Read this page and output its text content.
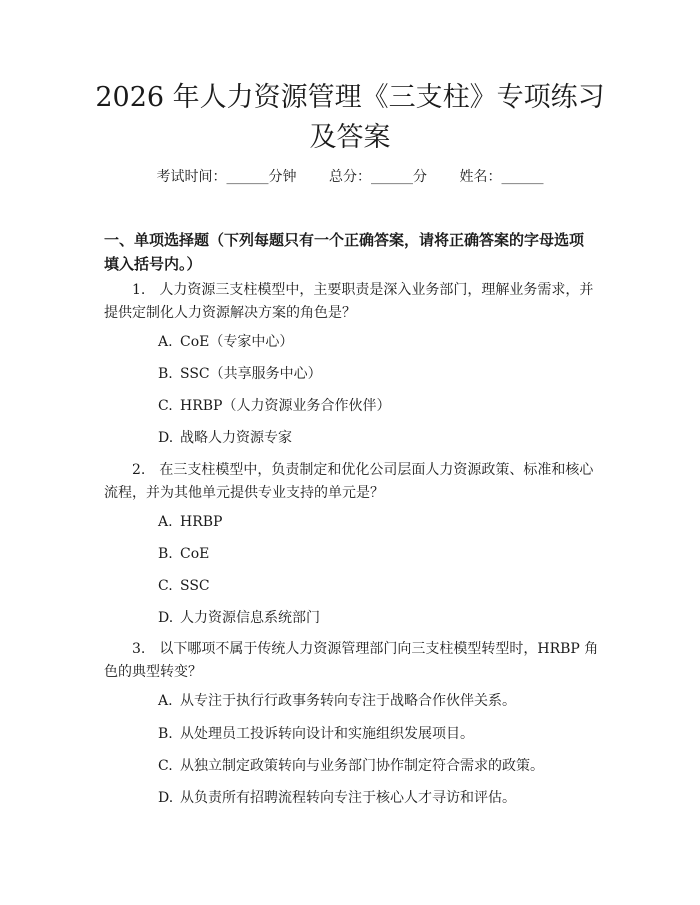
2026 年人力资源管理《三支柱》专项练习及答案
考试时间：______分钟 总分：______分 姓名：______

一、单项选择题（下列每题只有一个正确答案，请将正确答案的字母选项填入括号内。）

1. 人力资源三支柱模型中，主要职责是深入业务部门，理解业务需求，并提供定制化人力资源解决方案的角色是？

A. CoE（专家中心）

B. SSC（共享服务中心）

C. HRBP（人力资源业务合作伙伴）

D. 战略人力资源专家

2. 在三支柱模型中，负责制定和优化公司层面人力资源政策、标准和核心流程，并为其他单元提供专业支持的单元是？

A. HRBP

B. CoE

C. SSC

D. 人力资源信息系统部门

3. 以下哪项不属于传统人力资源管理部门向三支柱模型转型时，HRBP 角色的典型转变？

A. 从专注于执行行政事务转向专注于战略合作伙伴关系。

B. 从处理员工投诉转向设计和实施组织发展项目。

C. 从独立制定政策转向与业务部门协作制定符合需求的政策。

D. 从负责所有招聘流程转向专注于核心人才寻访和评估。
